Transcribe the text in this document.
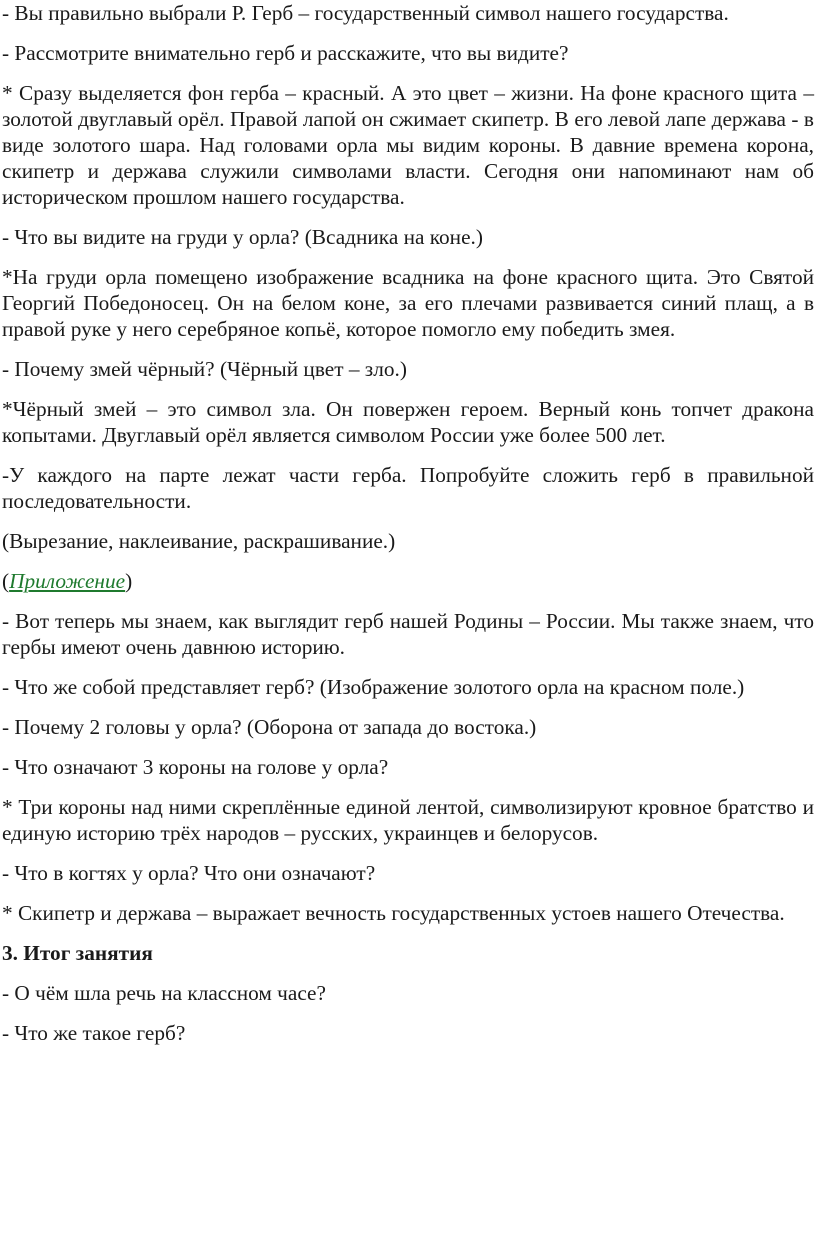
- Вы правильно выбрали Р. Герб – государственный символ нашего государства.

- Рассмотрите внимательно герб и расскажите, что вы видите?

* Сразу выделяется фон герба – красный. А это цвет – жизни. На фоне красного щита – золотой двуглавый орёл. Правой лапой он сжимает скипетр. В его левой лапе держава - в виде золотого шара. Над головами орла мы видим короны. В давние времена корона, скипетр и держава служили символами власти. Сегодня они напоминают нам об историческом прошлом нашего государства.

- Что вы видите на груди у орла? (Всадника на коне.)

*На груди орла помещено изображение всадника на фоне красного щита. Это Святой Георгий Победоносец. Он на белом коне, за его плечами развивается синий плащ, а в правой руке у него серебряное копьё, которое помогло ему победить змея.

- Почему змей чёрный? (Чёрный цвет – зло.)

*Чёрный змей – это символ зла. Он повержен героем. Верный конь топчет дракона копытами. Двуглавый орёл является символом России уже более 500 лет.

-У каждого на парте лежат части герба. Попробуйте сложить герб в правильной последовательности.

(Вырезание, наклеивание, раскрашивание.)

(Приложение)

- Вот теперь мы знаем, как выглядит герб нашей Родины – России. Мы также знаем, что гербы имеют очень давнюю историю.

- Что же собой представляет герб? (Изображение золотого орла на красном поле.)

- Почему 2 головы у орла? (Оборона от запада до востока.)

- Что означают 3 короны на голове у орла?

* Три короны над ними скреплённые единой лентой, символизируют кровное братство и единую историю трёх народов – русских, украинцев и белорусов.

- Что в когтях у орла? Что они означают?

* Скипетр и держава – выражает вечность государственных устоев нашего Отечества.

3. Итог занятия

- О чём шла речь на классном часе?

- Что же такое герб?
